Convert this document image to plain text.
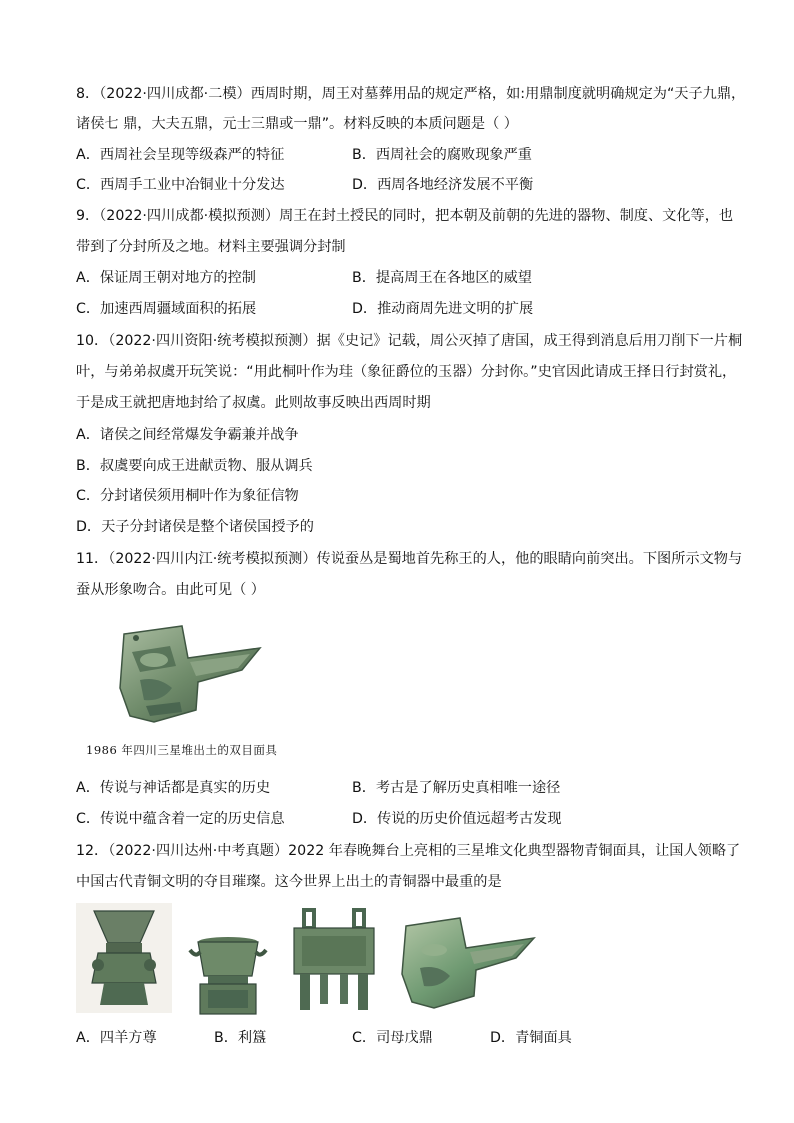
8．（2022·四川成都·二模）西周时期，周王对墓葬用品的规定严格，如:用鼎制度就明确规定为“天子九鼎，
诸侯七 鼎，大夫五鼎，元士三鼎或一鼎”。材料反映的本质问题是（ ）
A．西周社会呈现等级森严的特征	B．西周社会的腐败现象严重
C．西周手工业中冶铜业十分发达	D．西周各地经济发展不平衡
9．（2022·四川成都·模拟预测）周王在封土授民的同时，把本朝及前朝的先进的器物、制度、文化等，也
带到了分封所及之地。材料主要强调分封制
A．保证周王朝对地方的控制	B．提高周王在各地区的威望
C．加速西周疆域面积的拓展	D．推动商周先进文明的扩展
10．（2022·四川资阳·统考模拟预测）据《史记》记载，周公灭掉了唐国，成王得到消息后用刀削下一片桐
叶，与弟弟叔虞开玩笑说：“用此桐叶作为珪（象征爵位的玉器）分封你。”史官因此请成王择日行封赏礼，
于是成王就把唐地封给了叔虞。此则故事反映出西周时期
A．诸侯之间经常爆发争霸兼并战争
B．叔虞要向成王进献贡物、服从调兵
C．分封诸侯须用桐叶作为象征信物
D．天子分封诸侯是整个诸侯国授予的
11．（2022·四川内江·统考模拟预测）传说蚕丛是蜀地首先称王的人，他的眼睛向前突出。下图所示文物与
蚕从形象吻合。由此可见（ ）
1986 年四川三星堆出土的双目面具
A．传说与神话都是真实的历史	B．考古是了解历史真相唯一途径
C．传说中蕴含着一定的历史信息	D．传说的历史价值远超考古发现
12．（2022·四川达州·中考真题）2022 年春晚舞台上亮相的三星堆文化典型器物青铜面具，让国人领略了
中国古代青铜文明的夺目璀璨。这今世界上出土的青铜器中最重的是
A．四羊方尊	B．利簋	C．司母戊鼎	D．青铜面具
